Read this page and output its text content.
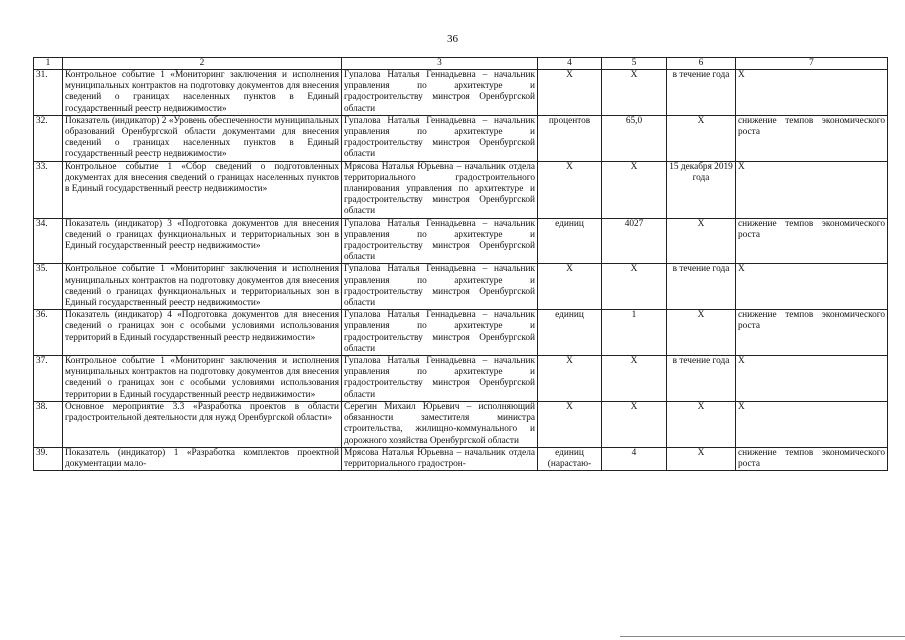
36
1	2	3	4	5	6	7
31.	Контрольное событие 1 «Мониторинг заключения и исполнения муниципальных контрактов на подготовку документов для внесения сведений о границах населенных пунктов в Единый государственный реестр недвижимости»	Гупалова Наталья Геннадьевна – начальник управления по архитектуре и градостроительству минстроя Оренбургской области	X	X	в течение года	X
32.	Показатель (индикатор) 2 «Уровень обеспеченности муниципальных образований Оренбургской области документами для внесения сведений о границах населенных пунктов в Единый государственный реестр недвижимости»	Гупалова Наталья Геннадьевна – начальник управления по архитектуре и градостроительству минстроя Оренбургской области	процентов	65,0	X	снижение темпов экономического роста
33.	Контрольное событие 1 «Сбор сведений о подготовленных документах для внесения сведений о границах населенных пунктов в Единый государственный реестр недвижимости»	Мрясова Наталья Юрьевна – начальник отдела территориального градостроительного планирования управления по архитектуре и градостроительству минстроя Оренбургской области	X	X	15 декабря 2019 года	X
34.	Показатель (индикатор) 3 «Подготовка документов для внесения сведений о границах функциональных и территориальных зон в Единый государственный реестр недвижимости»	Гупалова Наталья Геннадьевна – начальник управления по архитектуре и градостроительству минстроя Оренбургской области	единиц	4027	X	снижение темпов экономического роста
35.	Контрольное событие 1 «Мониторинг заключения и исполнения муниципальных контрактов на подготовку документов для внесения сведений о границах функциональных и территориальных зон в Единый государственный реестр недвижимости»	Гупалова Наталья Геннадьевна – начальник управления по архитектуре и градостроительству минстроя Оренбургской области	X	X	в течение года	X
36.	Показатель (индикатор) 4 «Подготовка документов для внесения сведений о границах зон с особыми условиями использования территорий в Единый государственный реестр недвижимости»	Гупалова Наталья Геннадьевна – начальник управления по архитектуре и градостроительству минстроя Оренбургской области	единиц	1	X	снижение темпов экономического роста
37.	Контрольное событие 1 «Мониторинг заключения и исполнения муниципальных контрактов на подготовку документов для внесения сведений о границах зон с особыми условиями использования территории в Единый государственный реестр недвижимости»	Гупалова Наталья Геннадьевна – начальник управления по архитектуре и градостроительству минстроя Оренбургской области	X	X	в течение года	X
38.	Основное мероприятие 3.3 «Разработка проектов в области градостроительной деятельности для нужд Оренбургской области»	Серегин Михаил Юрьевич – исполняющий обязанности заместителя министра строительства, жилищно-коммунального и дорожного хозяйства Оренбургской области	X	X	X	X
39.	Показатель (индикатор) 1 «Разработка комплектов проектной документации мало-	Мрясова Наталья Юрьевна – начальник отдела территориального градострон-	единиц (нарастаю-	4	X	снижение темпов экономического роста
